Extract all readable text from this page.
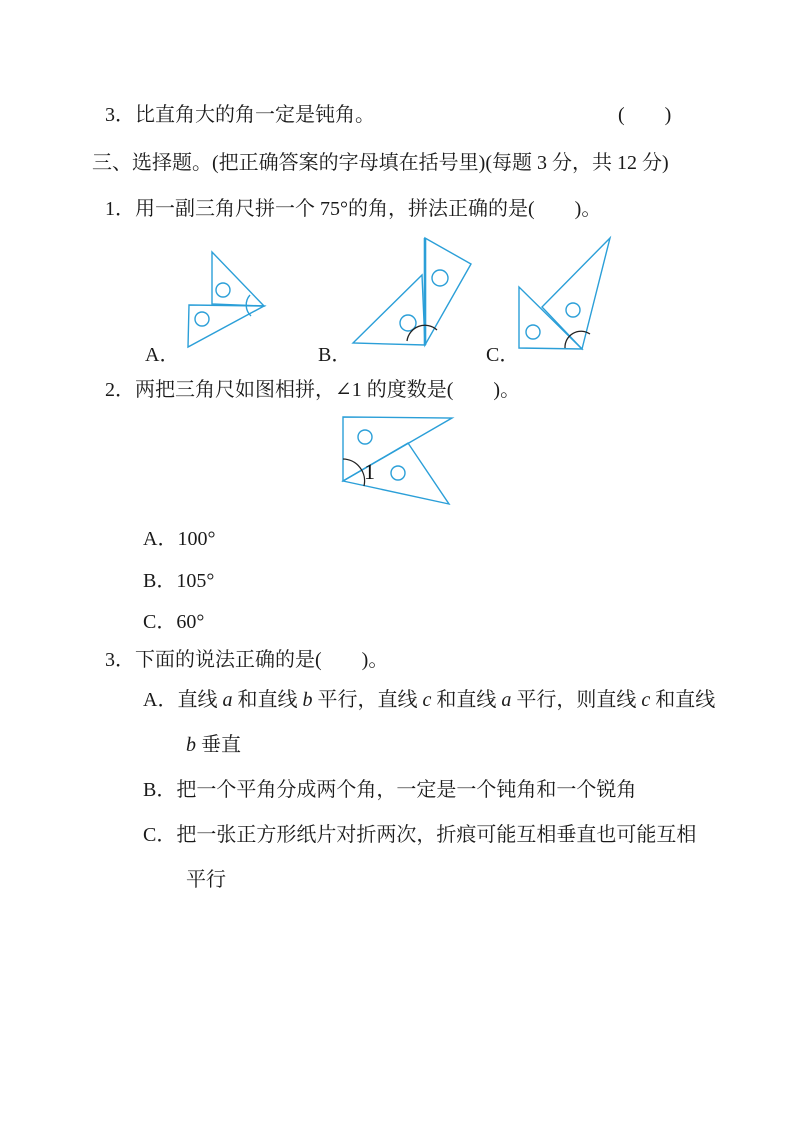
3．比直角大的角一定是钝角。	(　　)
三、选择题。(把正确答案的字母填在括号里)(每题 3 分，共 12 分)
1．用一副三角尺拼一个 75°的角，拼法正确的是(　　)。
A．	B．	C．
2．两把三角尺如图相拼，∠1 的度数是(　　)。
1
A．100°
B．105°
C．60°
3．下面的说法正确的是(　　)。
A．直线 a 和直线 b 平行，直线 c 和直线 a 平行，则直线 c 和直线
b 垂直
B．把一个平角分成两个角，一定是一个钝角和一个锐角
C．把一张正方形纸片对折两次，折痕可能互相垂直也可能互相
平行
